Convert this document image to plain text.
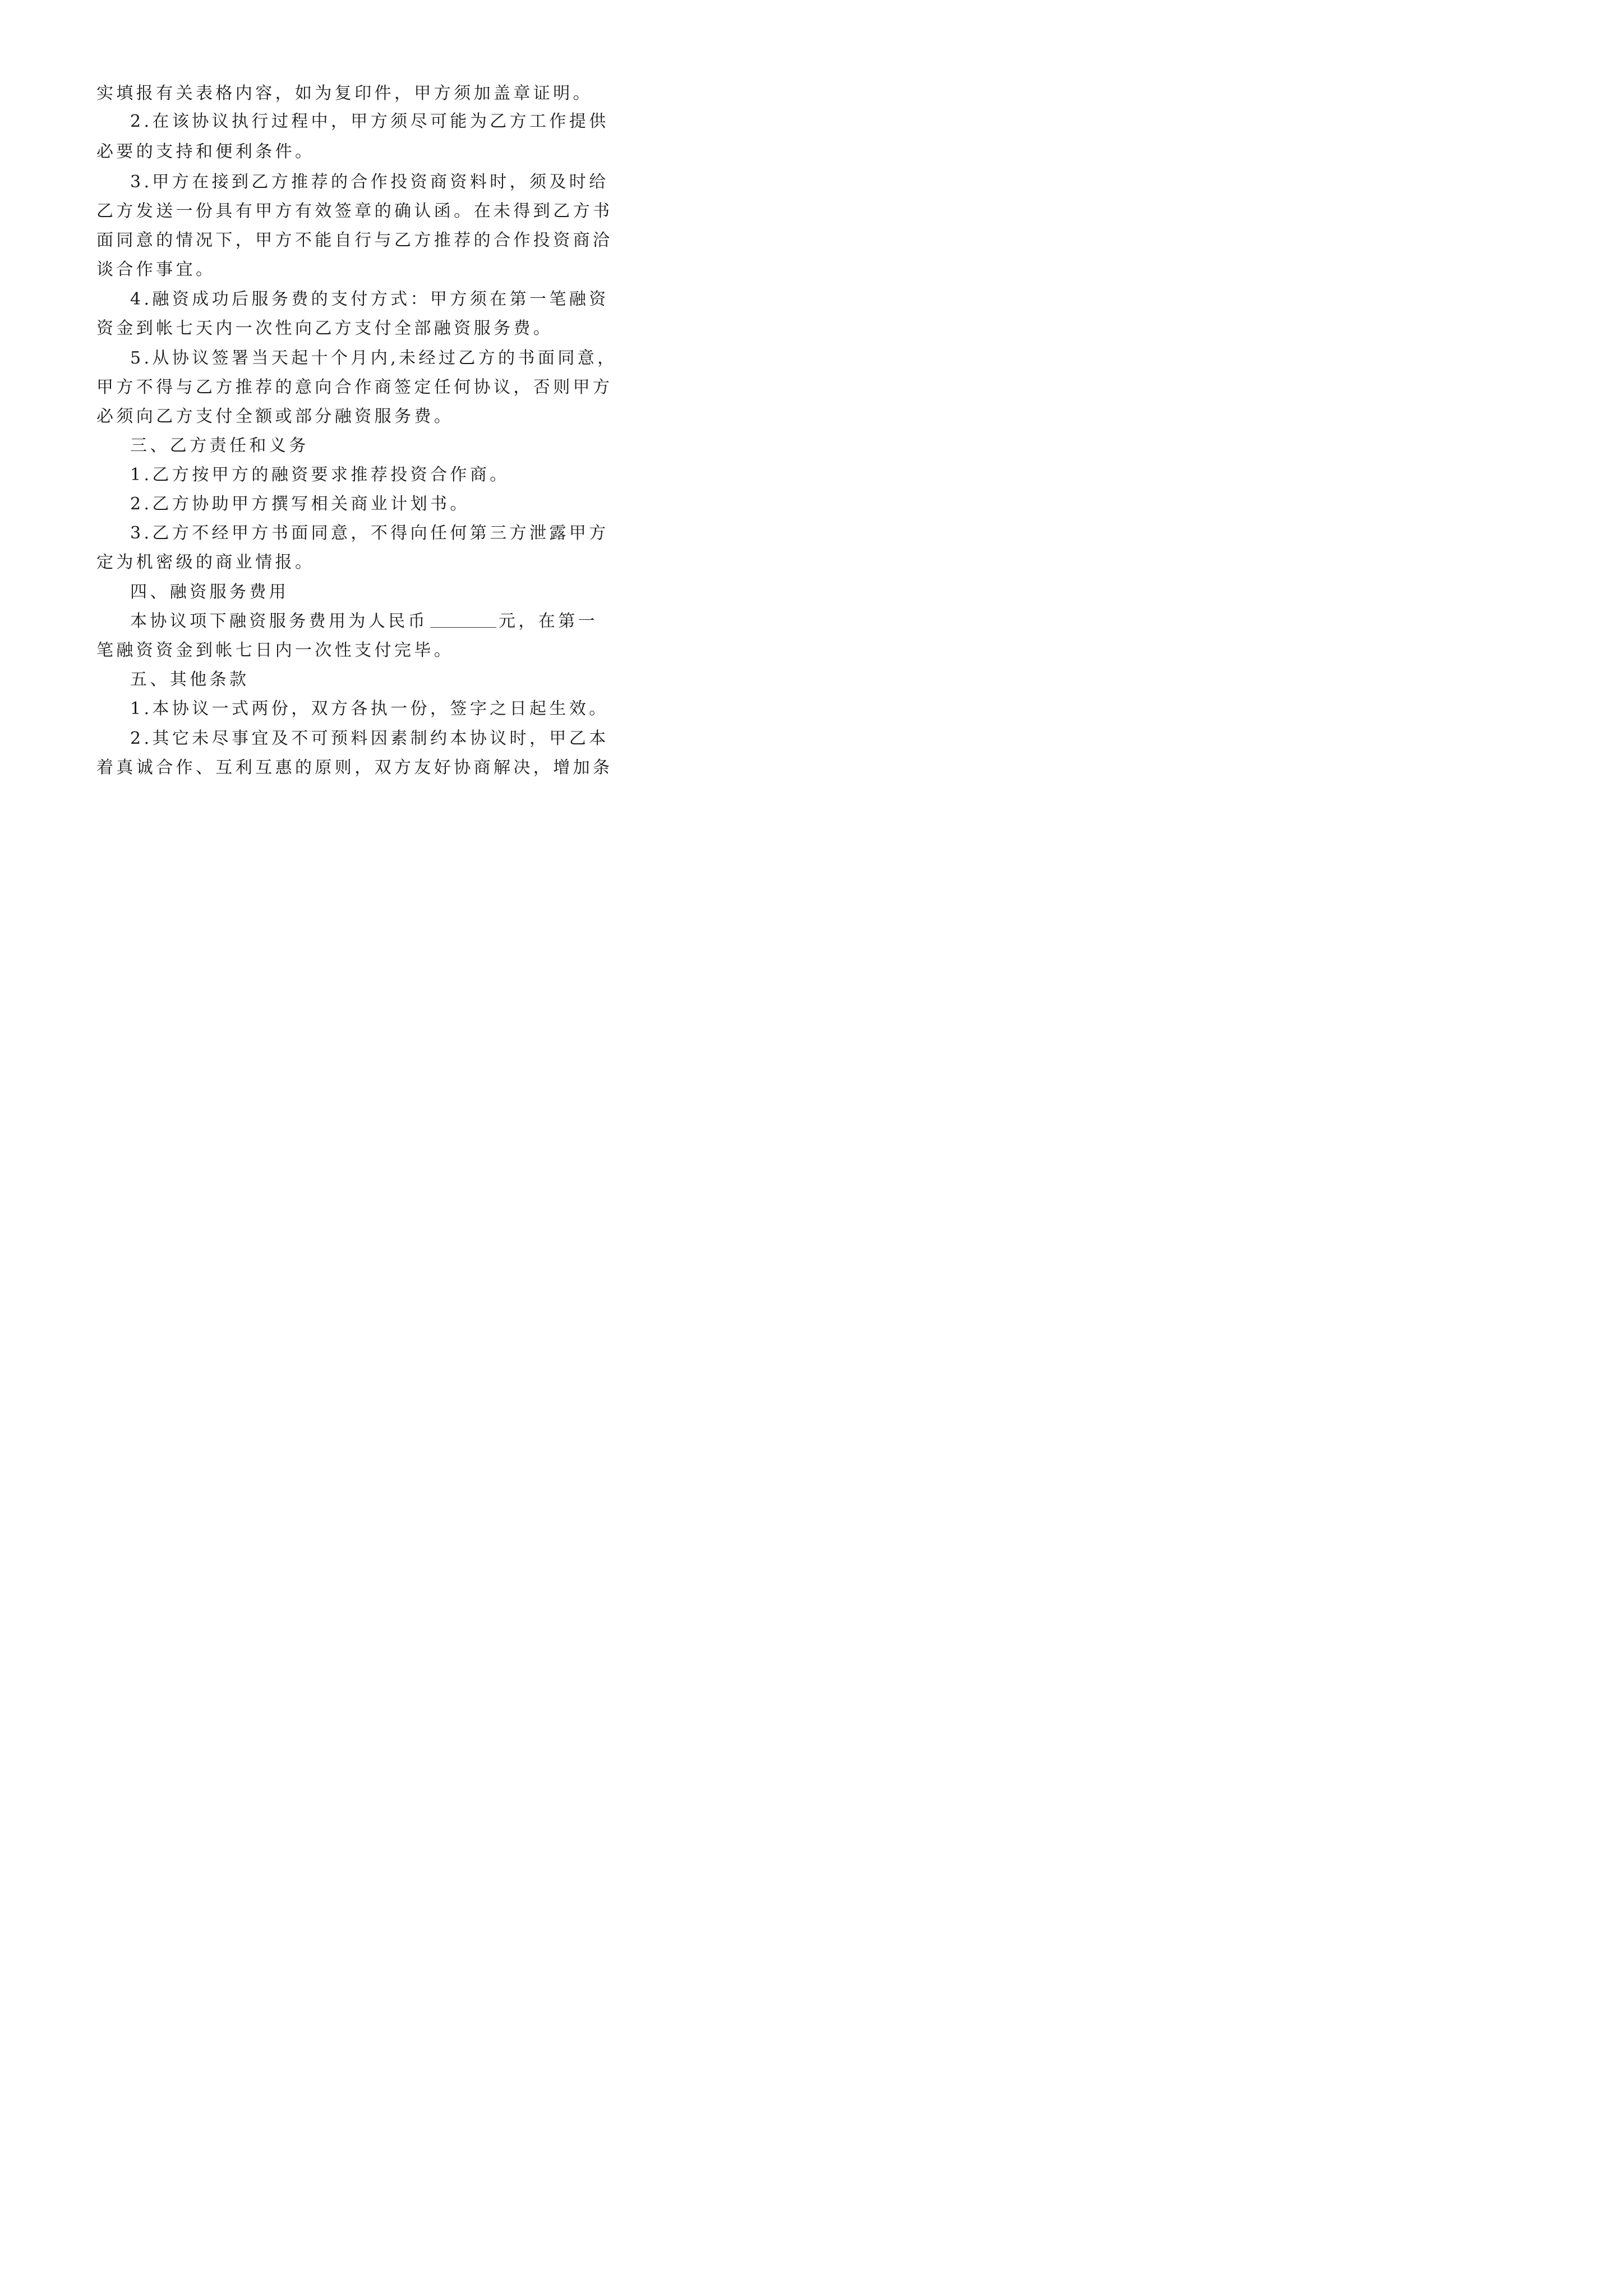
实填报有关表格内容，如为复印件，甲方须加盖章证明。

2.在该协议执行过程中，甲方须尽可能为乙方工作提供

必要的支持和便利条件。

3.甲方在接到乙方推荐的合作投资商资料时，须及时给

乙方发送一份具有甲方有效签章的确认函。在未得到乙方书

面同意的情况下，甲方不能自行与乙方推荐的合作投资商洽

谈合作事宜。

4.融资成功后服务费的支付方式：甲方须在第一笔融资

资金到帐七天内一次性向乙方支付全部融资服务费。

5.从协议签署当天起十个月内,未经过乙方的书面同意，

甲方不得与乙方推荐的意向合作商签定任何协议，否则甲方

必须向乙方支付全额或部分融资服务费。

三、乙方责任和义务

1.乙方按甲方的融资要求推荐投资合作商。

2.乙方协助甲方撰写相关商业计划书。

3.乙方不经甲方书面同意，不得向任何第三方泄露甲方

定为机密级的商业情报。

四、融资服务费用

本协议项下融资服务费用为人民币	元，在第一

笔融资资金到帐七日内一次性支付完毕。

五、其他条款

1.本协议一式两份，双方各执一份，签字之日起生效。

2.其它未尽事宜及不可预料因素制约本协议时，甲乙本

着真诚合作、互利互惠的原则，双方友好协商解决，增加条
